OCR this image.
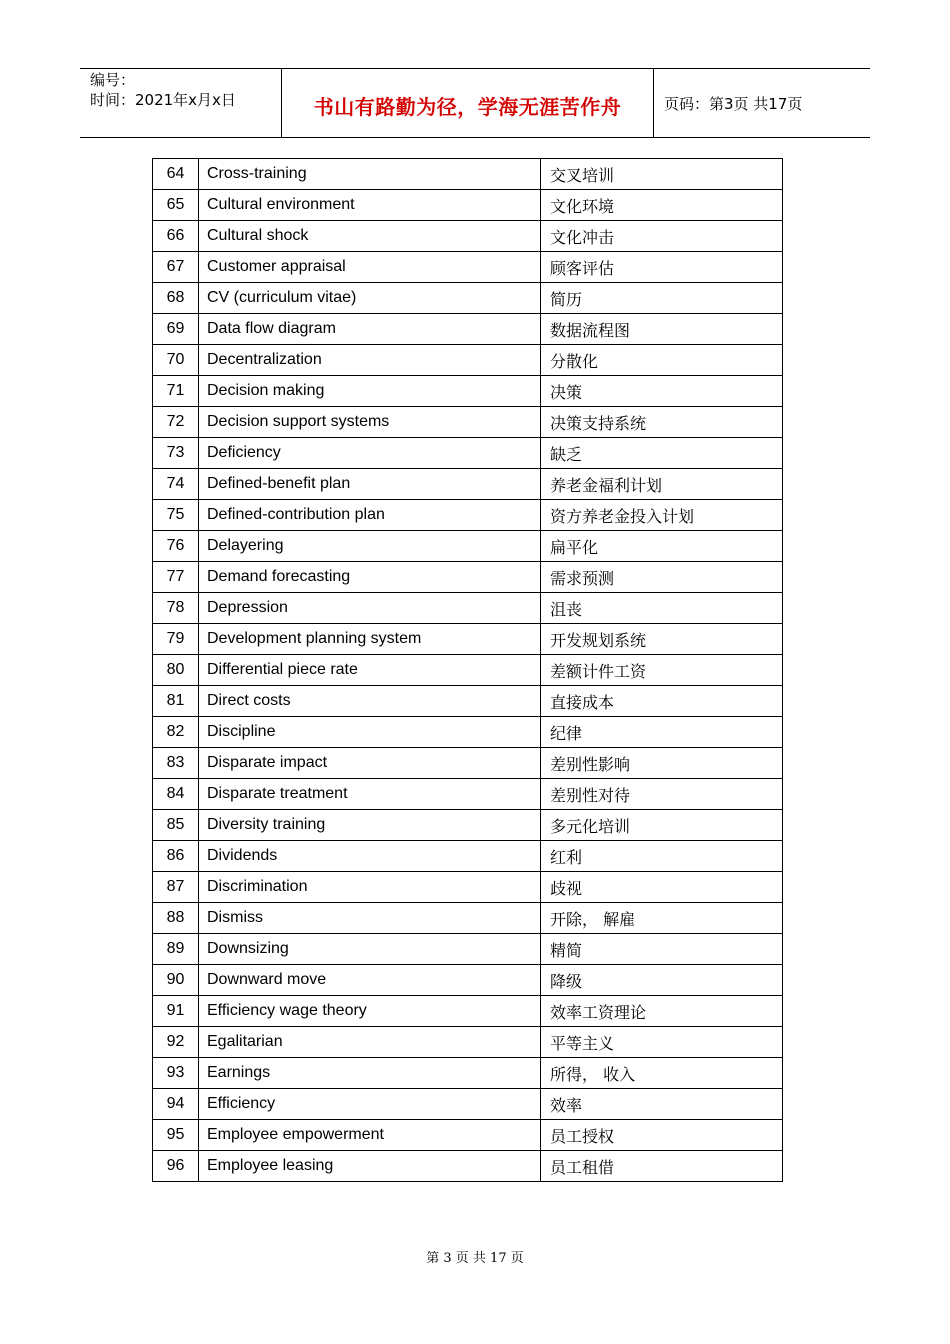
编号：
时间：2021年x月x日	书山有路勤为径，学海无涯苦作舟	页码：第3页 共17页
64	Cross-training	交叉培训
65	Cultural environment	文化环境
66	Cultural shock	文化冲击
67	Customer appraisal	顾客评估
68	CV (curriculum vitae)	简历
69	Data flow diagram	数据流程图
70	Decentralization	分散化
71	Decision making	决策
72	Decision support systems	决策支持系统
73	Deficiency	缺乏
74	Defined-benefit plan	养老金福利计划
75	Defined-contribution plan	资方养老金投入计划
76	Delayering	扁平化
77	Demand forecasting	需求预测
78	Depression	沮丧
79	Development planning system	开发规划系统
80	Differential piece rate	差额计件工资
81	Direct costs	直接成本
82	Discipline	纪律
83	Disparate impact	差别性影响
84	Disparate treatment	差别性对待
85	Diversity training	多元化培训
86	Dividends	红利
87	Discrimination	歧视
88	Dismiss	开除， 解雇
89	Downsizing	精简
90	Downward move	降级
91	Efficiency wage theory	效率工资理论
92	Egalitarian	平等主义
93	Earnings	所得， 收入
94	Efficiency	效率
95	Employee empowerment	员工授权
96	Employee leasing	员工租借
第 3 页 共 17 页
